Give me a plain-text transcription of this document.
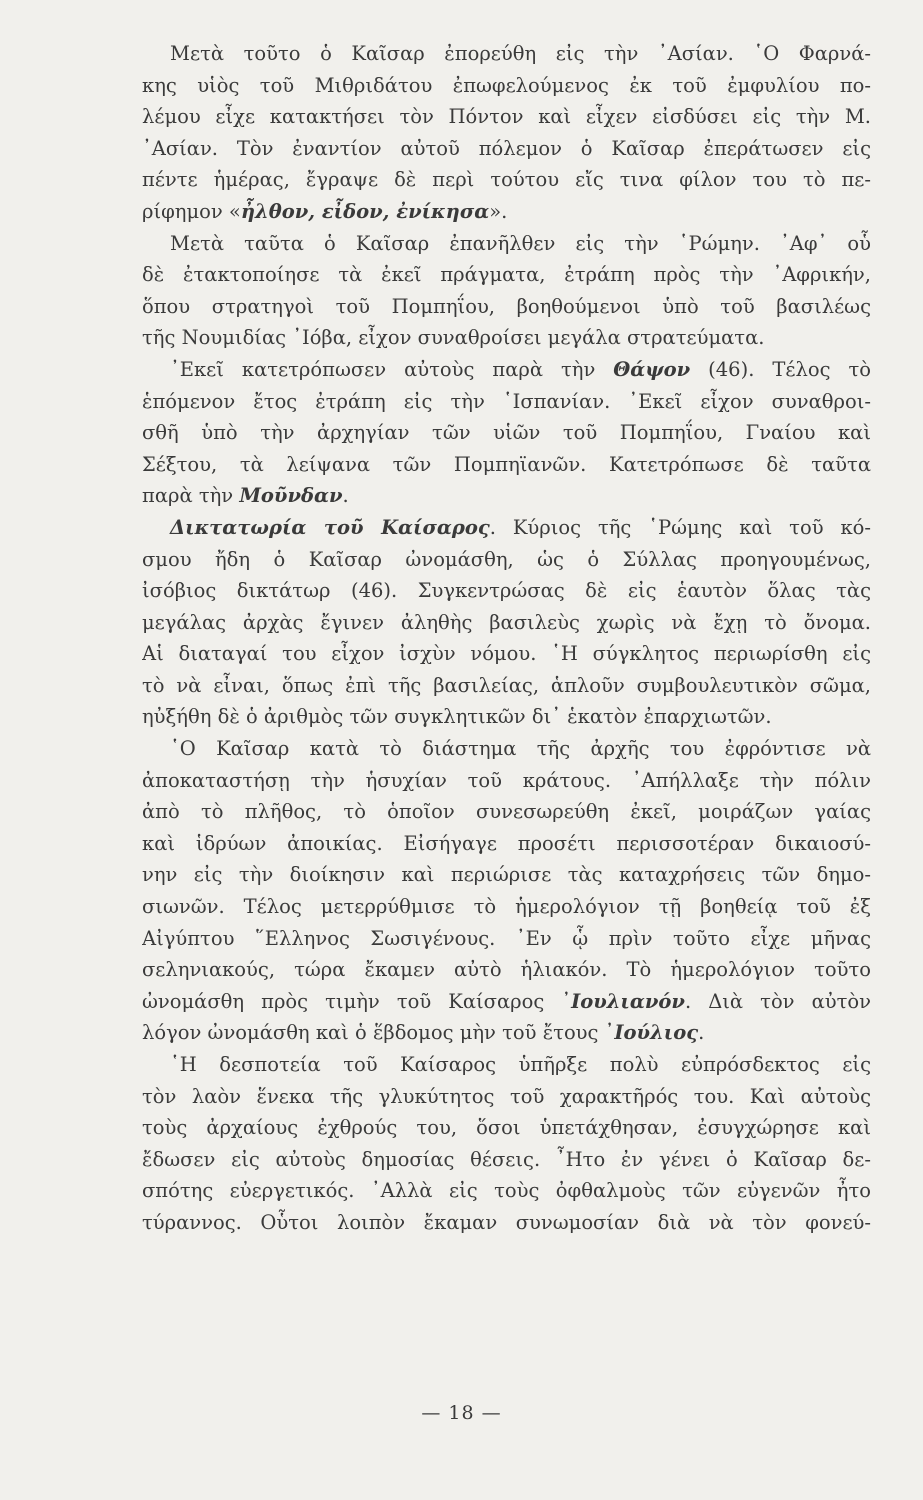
Μετὰ τοῦτο ὁ Καῖσαρ ἐπορεύθη εἰς τὴν ᾿Ασίαν. ῾Ο Φαρνά-
κης υἱὸς τοῦ Μιθριδάτου ἐπωφελούμενος ἐκ τοῦ ἐμφυλίου πο-
λέμου εἶχε κατακτήσει τὸν Πόντον καὶ εἶχεν εἰσδύσει εἰς τὴν Μ.
᾿Ασίαν. Τὸν ἐναντίον αὐτοῦ πόλεμον ὁ Καῖσαρ ἐπεράτωσεν εἰς
πέντε ἡμέρας, ἔγραψε δὲ περὶ τούτου εἴς τινα φίλον του τὸ πε-
ρίφημον «ἦλθον, εἶδον, ἐνίκησα».
Μετὰ ταῦτα ὁ Καῖσαρ ἐπανῆλθεν εἰς τὴν ῾Ρώμην. ᾿Αφ᾿ οὗ
δὲ ἐτακτοποίησε τὰ ἐκεῖ πράγματα, ἐτράπη πρὸς τὴν ᾿Αφρικήν,
ὅπου στρατηγοὶ τοῦ Πομπηΐου, βοηθούμενοι ὑπὸ τοῦ βασιλέως
τῆς Νουμιδίας ᾿Ιόβα, εἶχον συναθροίσει μεγάλα στρατεύματα.
᾿Εκεῖ κατετρόπωσεν αὐτοὺς παρὰ τὴν Θάψον (46). Τέλος τὸ
ἑπόμενον ἔτος ἐτράπη εἰς τὴν ῾Ισπανίαν. ᾿Εκεῖ εἶχον συναθροι-
σθῆ ὑπὸ τὴν ἀρχηγίαν τῶν υἱῶν τοῦ Πομπηΐου, Γναίου καὶ
Σέξτου, τὰ λείψανα τῶν Πομπηϊανῶν. Κατετρόπωσε δὲ ταῦτα
παρὰ τὴν Μοῦνδαν.
Δικτατωρία τοῦ Καίσαρος. Κύριος τῆς ῾Ρώμης καὶ τοῦ κό-
σμου ἤδη ὁ Καῖσαρ ὠνομάσθη, ὡς ὁ Σύλλας προηγουμένως,
ἰσόβιος δικτάτωρ (46). Συγκεντρώσας δὲ εἰς ἑαυτὸν ὅλας τὰς
μεγάλας ἀρχὰς ἔγινεν ἀληθὴς βασιλεὺς χωρὶς νὰ ἔχῃ τὸ ὄνομα.
Αἱ διαταγαί του εἶχον ἰσχὺν νόμου. ῾Η σύγκλητος περιωρίσθη εἰς
τὸ νὰ εἶναι, ὅπως ἐπὶ τῆς βασιλείας, ἁπλοῦν συμβουλευτικὸν σῶμα,
ηὐξήθη δὲ ὁ ἀριθμὸς τῶν συγκλητικῶν δι᾿ ἑκατὸν ἐπαρχιωτῶν.
῾Ο Καῖσαρ κατὰ τὸ διάστημα τῆς ἀρχῆς του ἐφρόντισε νὰ
ἀποκαταστήσῃ τὴν ἡσυχίαν τοῦ κράτους. ᾿Απήλλαξε τὴν πόλιν
ἀπὸ τὸ πλῆθος, τὸ ὁποῖον συνεσωρεύθη ἐκεῖ, μοιράζων γαίας
καὶ ἱδρύων ἀποικίας. Εἰσήγαγε προσέτι περισσοτέραν δικαιοσύ-
νην εἰς τὴν διοίκησιν καὶ περιώρισε τὰς καταχρήσεις τῶν δημο-
σιωνῶν. Τέλος μετερρύθμισε τὸ ἡμερολόγιον τῇ βοηθείᾳ τοῦ ἐξ
Αἰγύπτου ῞Ελληνος Σωσιγένους. ᾿Εν ᾧ πρὶν τοῦτο εἶχε μῆνας
σεληνιακούς, τώρα ἔκαμεν αὐτὸ ἡλιακόν. Τὸ ἡμερολόγιον τοῦτο
ὠνομάσθη πρὸς τιμὴν τοῦ Καίσαρος ᾿Ιουλιανόν. Διὰ τὸν αὐτὸν
λόγον ὠνομάσθη καὶ ὁ ἕβδομος μὴν τοῦ ἔτους ᾿Ιούλιος.
῾Η δεσποτεία τοῦ Καίσαρος ὑπῆρξε πολὺ εὐπρόσδεκτος εἰς
τὸν λαὸν ἕνεκα τῆς γλυκύτητος τοῦ χαρακτῆρός του. Καὶ αὐτοὺς
τοὺς ἀρχαίους ἐχθρούς του, ὅσοι ὑπετάχθησαν, ἐσυγχώρησε καὶ
ἔδωσεν εἰς αὐτοὺς δημοσίας θέσεις. ῏Ητο ἐν γένει ὁ Καῖσαρ δε-
σπότης εὐεργετικός. ᾿Αλλὰ εἰς τοὺς ὀφθαλμοὺς τῶν εὐγενῶν ἦτο
τύραννος. Οὗτοι λοιπὸν ἔκαμαν συνωμοσίαν διὰ νὰ τὸν φονεύ-
— 18 —
